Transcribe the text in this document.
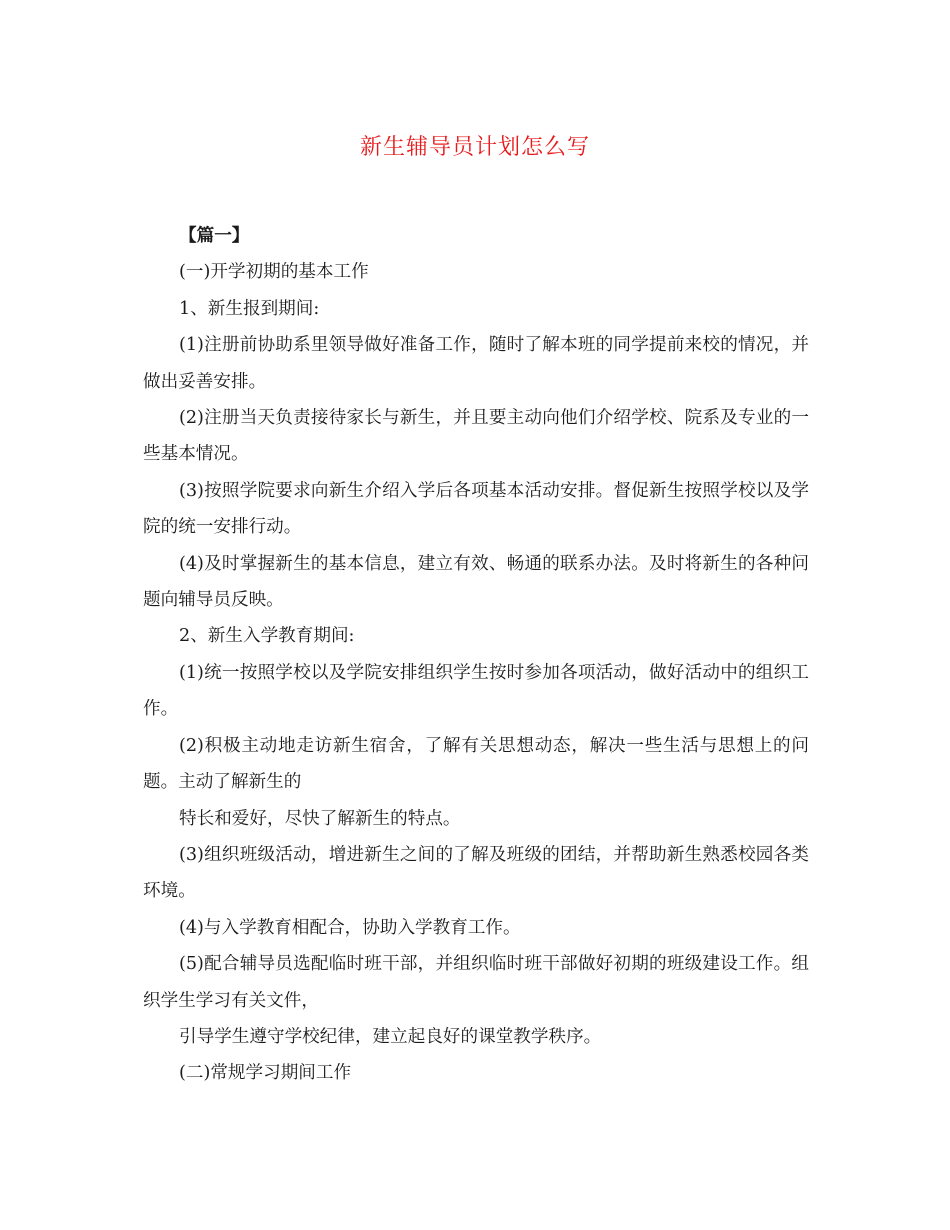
新生辅导员计划怎么写

【篇一】

(一)开学初期的基本工作

1、新生报到期间:

(1)注册前协助系里领导做好准备工作，随时了解本班的同学提前来校的情况，并做出妥善安排。

(2)注册当天负责接待家长与新生，并且要主动向他们介绍学校、院系及专业的一些基本情况。

(3)按照学院要求向新生介绍入学后各项基本活动安排。督促新生按照学校以及学院的统一安排行动。

(4)及时掌握新生的基本信息，建立有效、畅通的联系办法。及时将新生的各种问题向辅导员反映。

2、新生入学教育期间:

(1)统一按照学校以及学院安排组织学生按时参加各项活动，做好活动中的组织工作。

(2)积极主动地走访新生宿舍，了解有关思想动态，解决一些生活与思想上的问题。主动了解新生的

特长和爱好，尽快了解新生的特点。

(3)组织班级活动，增进新生之间的了解及班级的团结，并帮助新生熟悉校园各类环境。

(4)与入学教育相配合，协助入学教育工作。

(5)配合辅导员选配临时班干部，并组织临时班干部做好初期的班级建设工作。组织学生学习有关文件，

引导学生遵守学校纪律，建立起良好的课堂教学秩序。

(二)常规学习期间工作
